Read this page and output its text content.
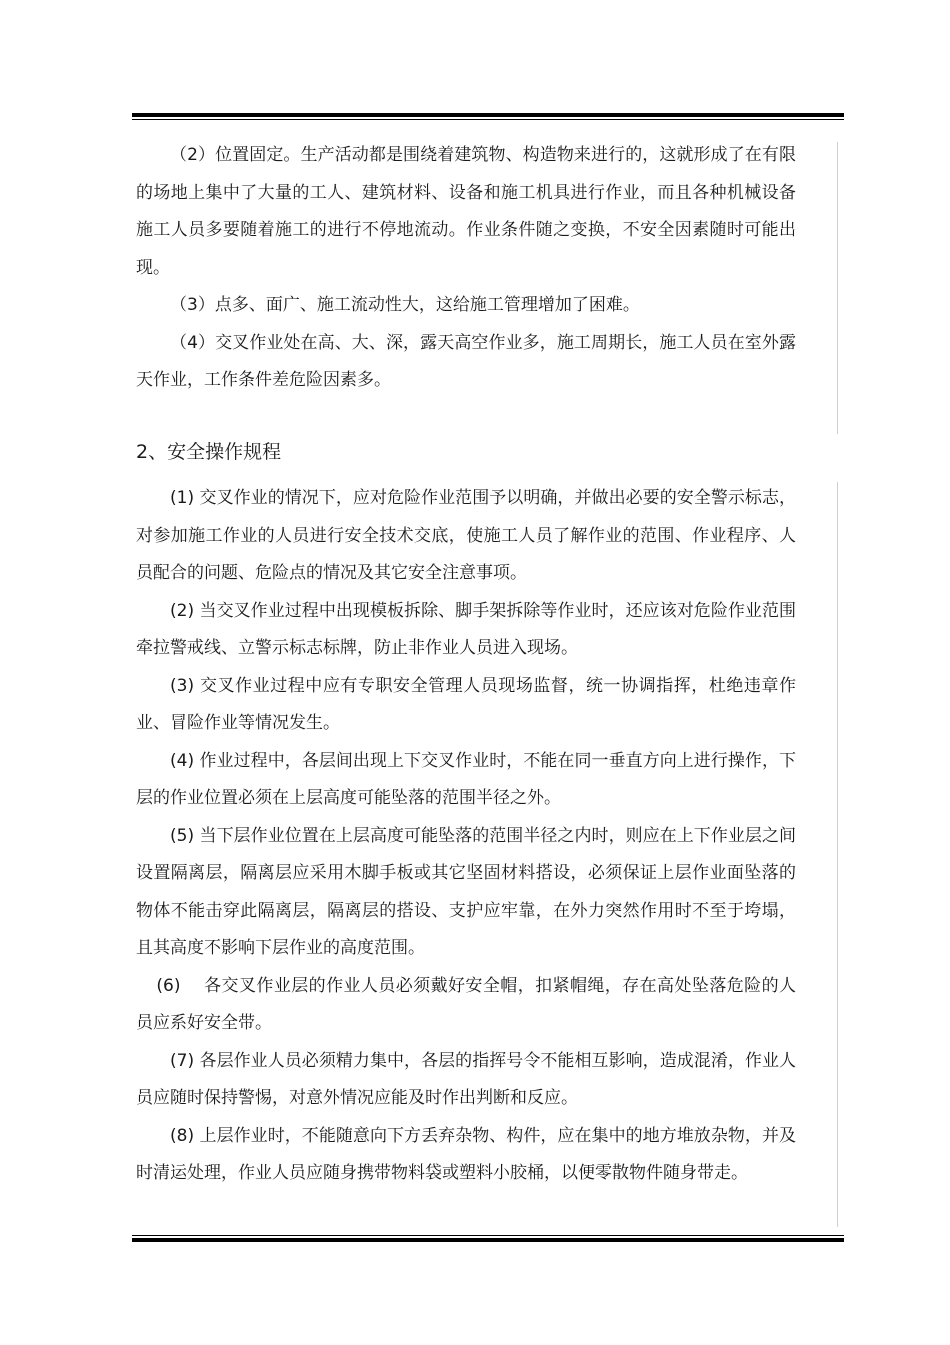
（2）位置固定。生产活动都是围绕着建筑物、构造物来进行的，这就形成了在有限的场地上集中了大量的工人、建筑材料、设备和施工机具进行作业，而且各种机械设备施工人员多要随着施工的进行不停地流动。作业条件随之变换，不安全因素随时可能出现。

（3）点多、面广、施工流动性大，这给施工管理增加了困难。

（4）交叉作业处在高、大、深，露天高空作业多，施工周期长，施工人员在室外露天作业，工作条件差危险因素多。

2、安全操作规程

(1) 交叉作业的情况下，应对危险作业范围予以明确，并做出必要的安全警示标志，对参加施工作业的人员进行安全技术交底，使施工人员了解作业的范围、作业程序、人员配合的问题、危险点的情况及其它安全注意事项。

(2) 当交叉作业过程中出现模板拆除、脚手架拆除等作业时，还应该对危险作业范围牵拉警戒线、立警示标志标牌，防止非作业人员进入现场。

(3) 交叉作业过程中应有专职安全管理人员现场监督，统一协调指挥，杜绝违章作业、冒险作业等情况发生。

(4) 作业过程中，各层间出现上下交叉作业时，不能在同一垂直方向上进行操作，下层的作业位置必须在上层高度可能坠落的范围半径之外。

(5) 当下层作业位置在上层高度可能坠落的范围半径之内时，则应在上下作业层之间设置隔离层，隔离层应采用木脚手板或其它坚固材料搭设，必须保证上层作业面坠落的物体不能击穿此隔离层，隔离层的搭设、支护应牢靠，在外力突然作用时不至于垮塌，且其高度不影响下层作业的高度范围。

(6)　 各交叉作业层的作业人员必须戴好安全帽，扣紧帽绳，存在高处坠落危险的人员应系好安全带。

(7) 各层作业人员必须精力集中，各层的指挥号令不能相互影响，造成混淆，作业人员应随时保持警惕，对意外情况应能及时作出判断和反应。

(8) 上层作业时，不能随意向下方丢弃杂物、构件，应在集中的地方堆放杂物，并及时清运处理，作业人员应随身携带物料袋或塑料小胶桶，以便零散物件随身带走。
